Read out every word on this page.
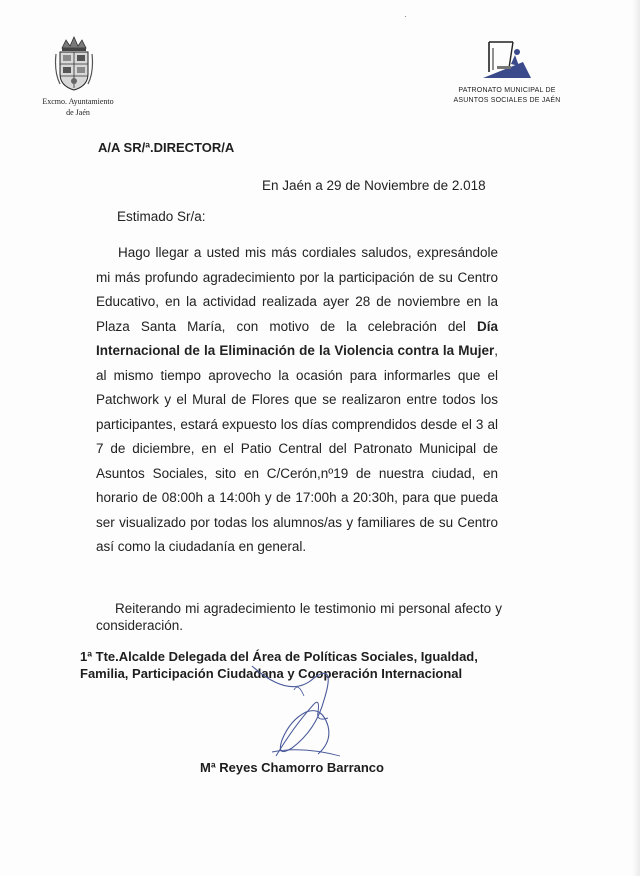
·
Excmo. Ayuntamiento
de Jaén
PATRONATO MUNICIPAL DE
ASUNTOS SOCIALES DE JAÉN
A/A SR/ª.DIRECTOR/A
En Jaén a 29 de Noviembre de 2.018
Estimado Sr/a:

Hago llegar a usted mis más cordiales saludos, expresándole mi más profundo agradecimiento por la participación de su Centro Educativo, en la actividad realizada ayer 28 de noviembre en la Plaza Santa María, con motivo de la celebración del Día Internacional de la Eliminación de la Violencia contra la Mujer, al mismo tiempo aprovecho la ocasión para informarles que el Patchwork y el Mural de Flores que se realizaron entre todos los participantes, estará expuesto los días comprendidos desde el 3 al 7 de diciembre, en el Patio Central del Patronato Municipal de Asuntos Sociales, sito en C/Cerón,nº19 de nuestra ciudad, en horario de 08:00h a 14:00h y de 17:00h a 20:30h, para que pueda ser visualizado por todas los alumnos/as y familiares de su Centro así como la ciudadanía en general.

Reiterando mi agradecimiento le testimonio mi personal afecto y consideración.

1ª Tte.Alcalde Delegada del Área de Políticas Sociales, Igualdad,
Familia, Participación Ciudadana y Cooperación Internacional
Mª Reyes Chamorro Barranco
